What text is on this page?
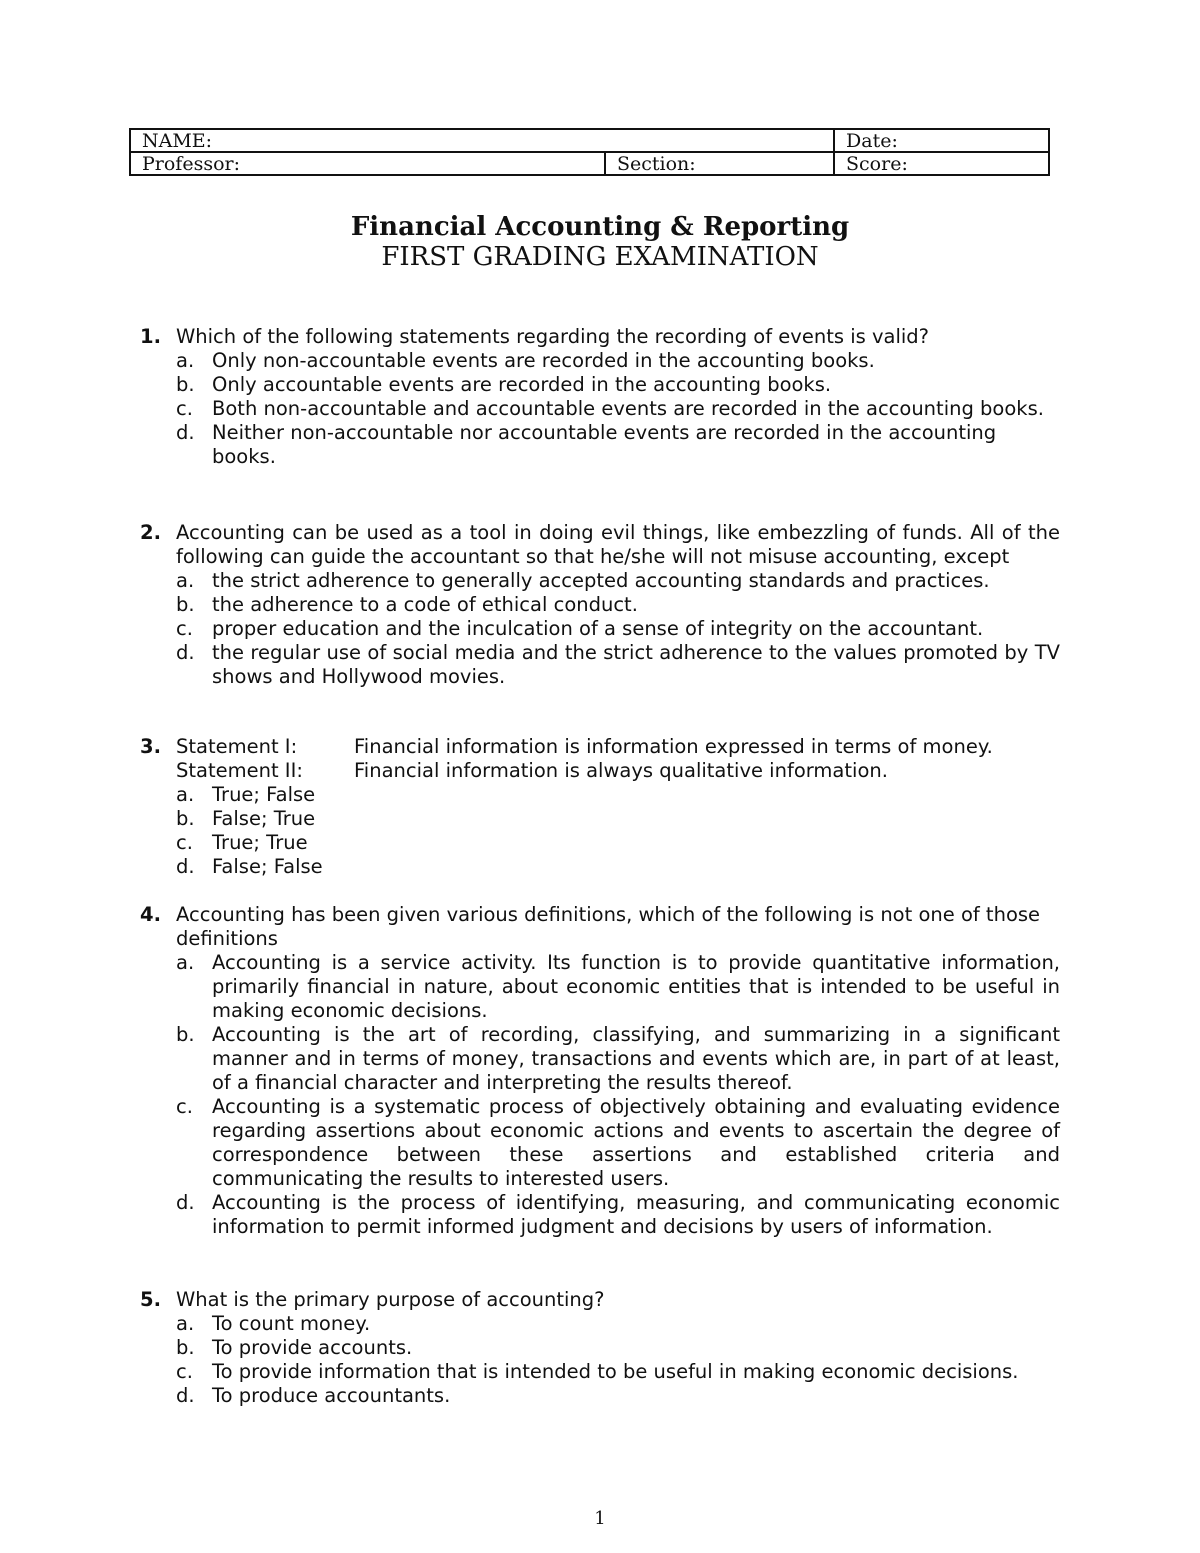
NAME:		Date:
Professor:	Section:	Score:
Financial Accounting & Reporting
FIRST GRADING EXAMINATION
1. Which of the following statements regarding the recording of events is valid?
a. Only non-accountable events are recorded in the accounting books.
b. Only accountable events are recorded in the accounting books.
c. Both non-accountable and accountable events are recorded in the accounting books.
d. Neither non-accountable nor accountable events are recorded in the accounting books.
2. Accounting can be used as a tool in doing evil things, like embezzling of funds. All of the following can guide the accountant so that he/she will not misuse accounting, except
a. the strict adherence to generally accepted accounting standards and practices.
b. the adherence to a code of ethical conduct.
c. proper education and the inculcation of a sense of integrity on the accountant.
d. the regular use of social media and the strict adherence to the values promoted by TV shows and Hollywood movies.
3. Statement I:	Financial information is information expressed in terms of money.
Statement II:	Financial information is always qualitative information.
a. True; False
b. False; True
c. True; True
d. False; False
4. Accounting has been given various definitions, which of the following is not one of those definitions
a. Accounting is a service activity. Its function is to provide quantitative information, primarily financial in nature, about economic entities that is intended to be useful in making economic decisions.
b. Accounting is the art of recording, classifying, and summarizing in a significant manner and in terms of money, transactions and events which are, in part of at least, of a financial character and interpreting the results thereof.
c. Accounting is a systematic process of objectively obtaining and evaluating evidence regarding assertions about economic actions and events to ascertain the degree of correspondence between these assertions and established criteria and communicating the results to interested users.
d. Accounting is the process of identifying, measuring, and communicating economic information to permit informed judgment and decisions by users of information.
5. What is the primary purpose of accounting?
a. To count money.
b. To provide accounts.
c. To provide information that is intended to be useful in making economic decisions.
d. To produce accountants.
1
